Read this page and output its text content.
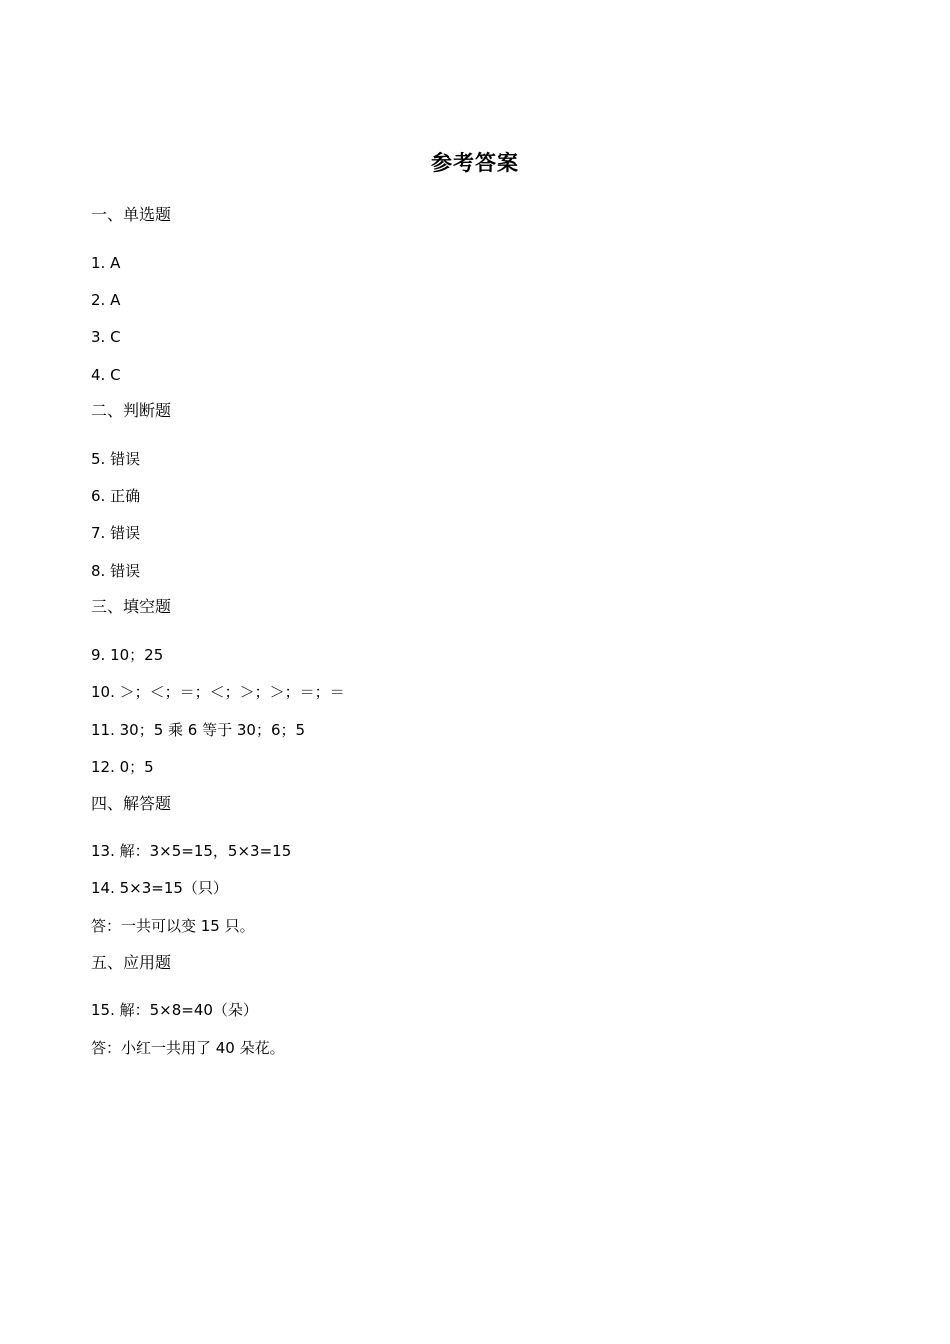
参考答案
一、单选题
1. A
2. A
3. C
4. C
二、判断题
5. 错误
6. 正确
7. 错误
8. 错误
三、填空题
9. 10；25
10. ＞；＜；＝；＜；＞；＞；＝；＝
11. 30；5 乘 6 等于 30；6；5
12. 0；5
四、解答题
13. 解：3×5=15，5×3=15
14. 5×3=15（只）
答：一共可以变 15 只。
五、应用题
15. 解：5×8=40（朵）
答：小红一共用了 40 朵花。
